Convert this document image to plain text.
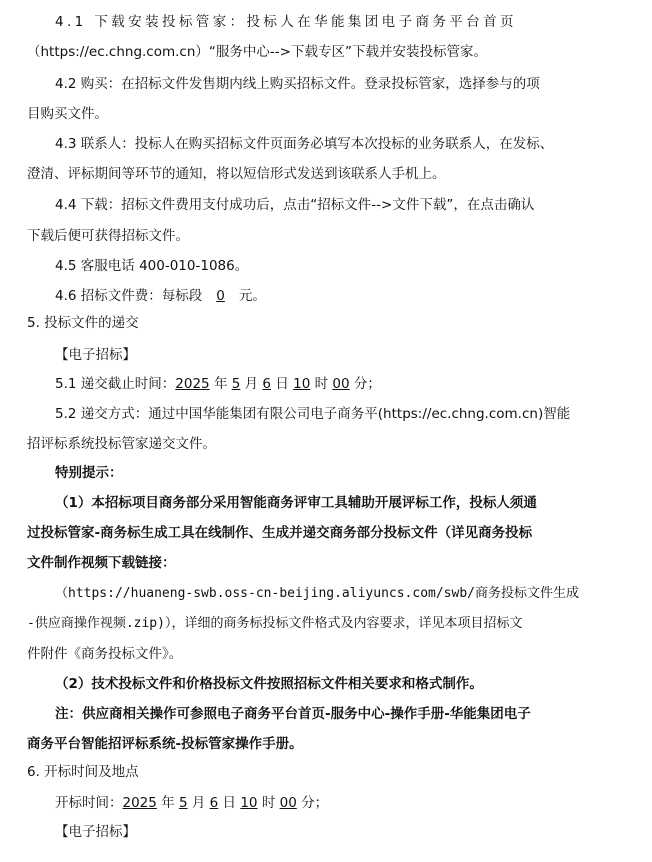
4.1 下载安装投标管家：投标人在华能集团电子商务平台首页
（https://ec.chng.com.cn）“服务中心-->下载专区”下载并安装投标管家。
4.2 购买：在招标文件发售期内线上购买招标文件。登录投标管家，选择参与的项
目购买文件。
4.3 联系人：投标人在购买招标文件页面务必填写本次投标的业务联系人，在发标、
澄清、评标期间等环节的通知，将以短信形式发送到该联系人手机上。
4.4 下载：招标文件费用支付成功后，点击“招标文件-->文件下载”，在点击确认
下载后便可获得招标文件。
4.5 客服电话 400-010-1086。
4.6 招标文件费：每标段 0 元。
5. 投标文件的递交
【电子招标】
5.1 递交截止时间：2025 年 5 月 6 日 10 时 00 分；
5.2 递交方式：通过中国华能集团有限公司电子商务平(https://ec.chng.com.cn)智能
招评标系统投标管家递交文件。
特别提示：
（1）本招标项目商务部分采用智能商务评审工具辅助开展评标工作，投标人须通
过投标管家-商务标生成工具在线制作、生成并递交商务部分投标文件（详见商务投标
文件制作视频下载链接：
（https://huaneng-swb.oss-cn-beijing.aliyuncs.com/swb/商务投标文件生成
-供应商操作视频.zip)），详细的商务标投标文件格式及内容要求，详见本项目招标文
件附件《商务投标文件》。
（2）技术投标文件和价格投标文件按照招标文件相关要求和格式制作。
注：供应商相关操作可参照电子商务平台首页-服务中心-操作手册-华能集团电子
商务平台智能招评标系统-投标管家操作手册。
6. 开标时间及地点
开标时间：2025 年 5 月 6 日 10 时 00 分；
【电子招标】
